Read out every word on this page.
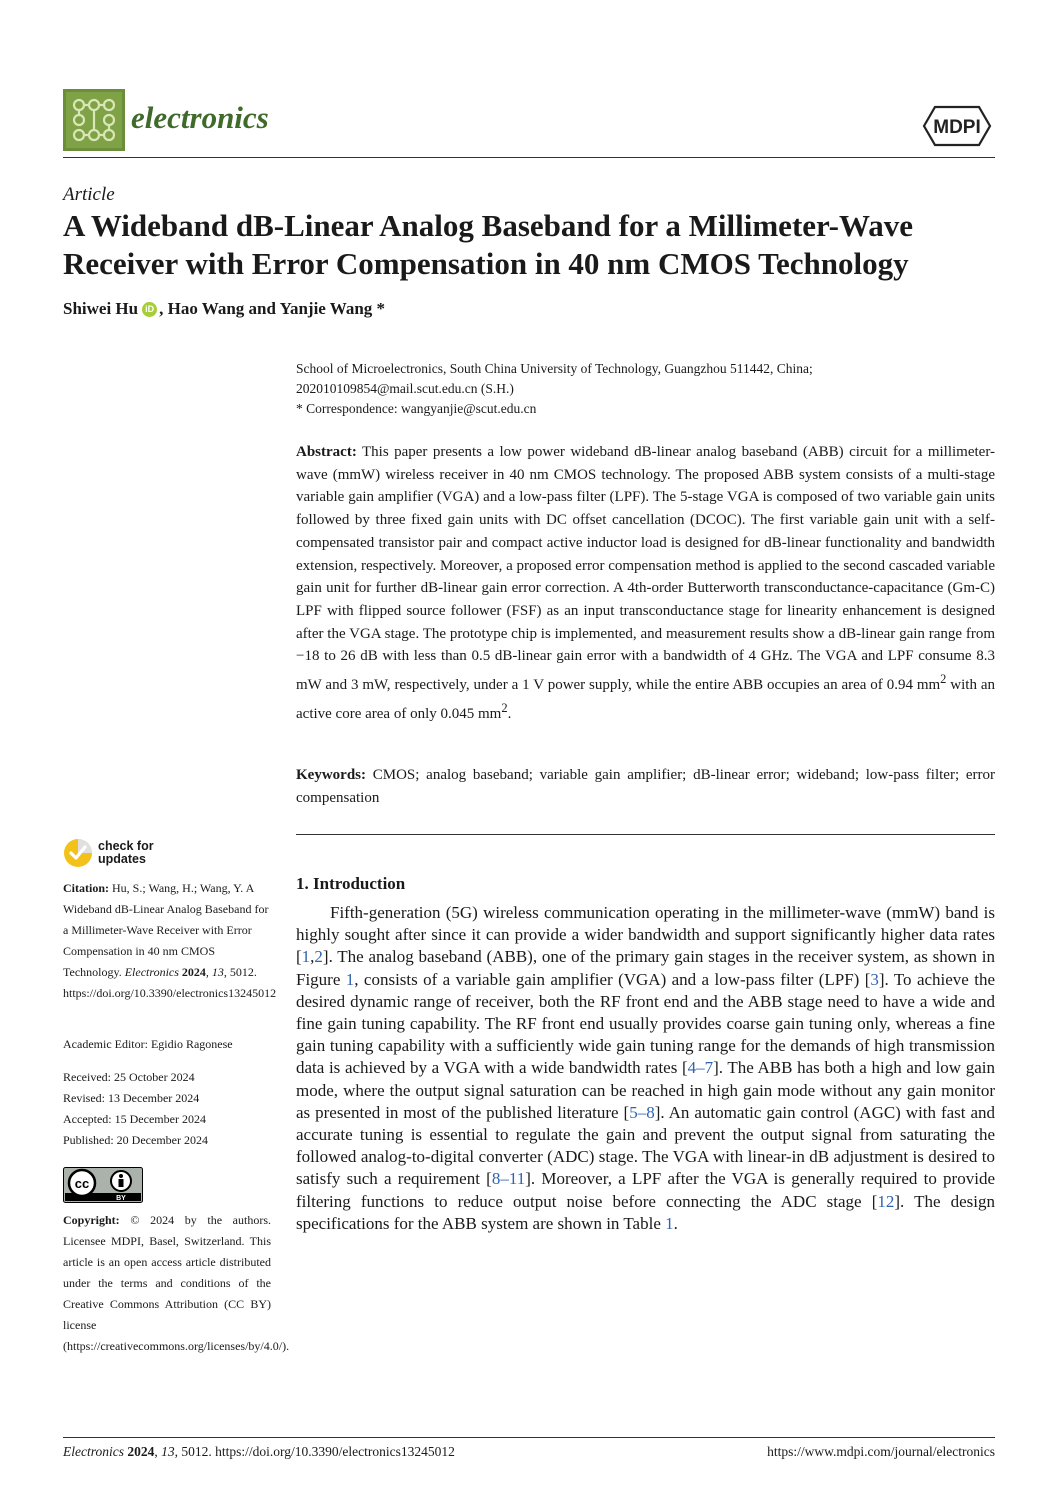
electronics	MDPI
Article
A Wideband dB-Linear Analog Baseband for a Millimeter-Wave Receiver with Error Compensation in 40 nm CMOS Technology
Shiwei Hu iD , Hao Wang and Yanjie Wang *
School of Microelectronics, South China University of Technology, Guangzhou 511442, China;
202010109854@mail.scut.edu.cn (S.H.)
* Correspondence: wangyanjie@scut.edu.cn
Abstract: This paper presents a low power wideband dB-linear analog baseband (ABB) circuit for a millimeter-wave (mmW) wireless receiver in 40 nm CMOS technology. The proposed ABB system consists of a multi-stage variable gain amplifier (VGA) and a low-pass filter (LPF). The 5-stage VGA is composed of two variable gain units followed by three fixed gain units with DC offset cancellation (DCOC). The first variable gain unit with a self-compensated transistor pair and compact active inductor load is designed for dB-linear functionality and bandwidth extension, respectively. Moreover, a proposed error compensation method is applied to the second cascaded variable gain unit for further dB-linear gain error correction. A 4th-order Butterworth transconductance-capacitance (Gm-C) LPF with flipped source follower (FSF) as an input transconductance stage for linearity enhancement is designed after the VGA stage. The prototype chip is implemented, and measurement results show a dB-linear gain range from −18 to 26 dB with less than 0.5 dB-linear gain error with a bandwidth of 4 GHz. The VGA and LPF consume 8.3 mW and 3 mW, respectively, under a 1 V power supply, while the entire ABB occupies an area of 0.94 $mm^2$ with an active core area of only 0.045 $mm^2$.
Keywords: CMOS; analog baseband; variable gain amplifier; dB-linear error; wideband; low-pass filter; error compensation
check for
updates
Citation: Hu, S.; Wang, H.; Wang, Y. A Wideband dB-Linear Analog Baseband for a Millimeter-Wave Receiver with Error Compensation in 40 nm CMOS Technology. Electronics 2024, 13, 5012. https://doi.org/10.3390/electronics13245012
Academic Editor: Egidio Ragonese
Received: 25 October 2024
Revised: 13 December 2024
Accepted: 15 December 2024
Published: 20 December 2024
cc
BY
Copyright: © 2024 by the authors. Licensee MDPI, Basel, Switzerland. This article is an open access article distributed under the terms and conditions of the Creative Commons Attribution (CC BY) license (https://creativecommons.org/licenses/by/4.0/).
1. Introduction

Fifth-generation (5G) wireless communication operating in the millimeter-wave (mmW) band is highly sought after since it can provide a wider bandwidth and support significantly higher data rates [1,2]. The analog baseband (ABB), one of the primary gain stages in the receiver system, as shown in Figure 1, consists of a variable gain amplifier (VGA) and a low-pass filter (LPF) [3]. To achieve the desired dynamic range of receiver, both the RF front end and the ABB stage need to have a wide and fine gain tuning capability. The RF front end usually provides coarse gain tuning only, whereas a fine gain tuning capability with a sufficiently wide gain tuning range for the demands of high transmission data is achieved by a VGA with a wide bandwidth rates [4–7]. The ABB has both a high and low gain mode, where the output signal saturation can be reached in high gain mode without any gain monitor as presented in most of the published literature [5–8]. An automatic gain control (AGC) with fast and accurate tuning is essential to regulate the gain and prevent the output signal from saturating the followed analog-to-digital converter (ADC) stage. The VGA with linear-in dB adjustment is desired to satisfy such a requirement [8–11]. Moreover, a LPF after the VGA is generally required to provide filtering functions to reduce output noise before connecting the ADC stage [12]. The design specifications for the ABB system are shown in Table 1.

Electronics 2024, 13, 5012. https://doi.org/10.3390/electronics13245012	https://www.mdpi.com/journal/electronics
